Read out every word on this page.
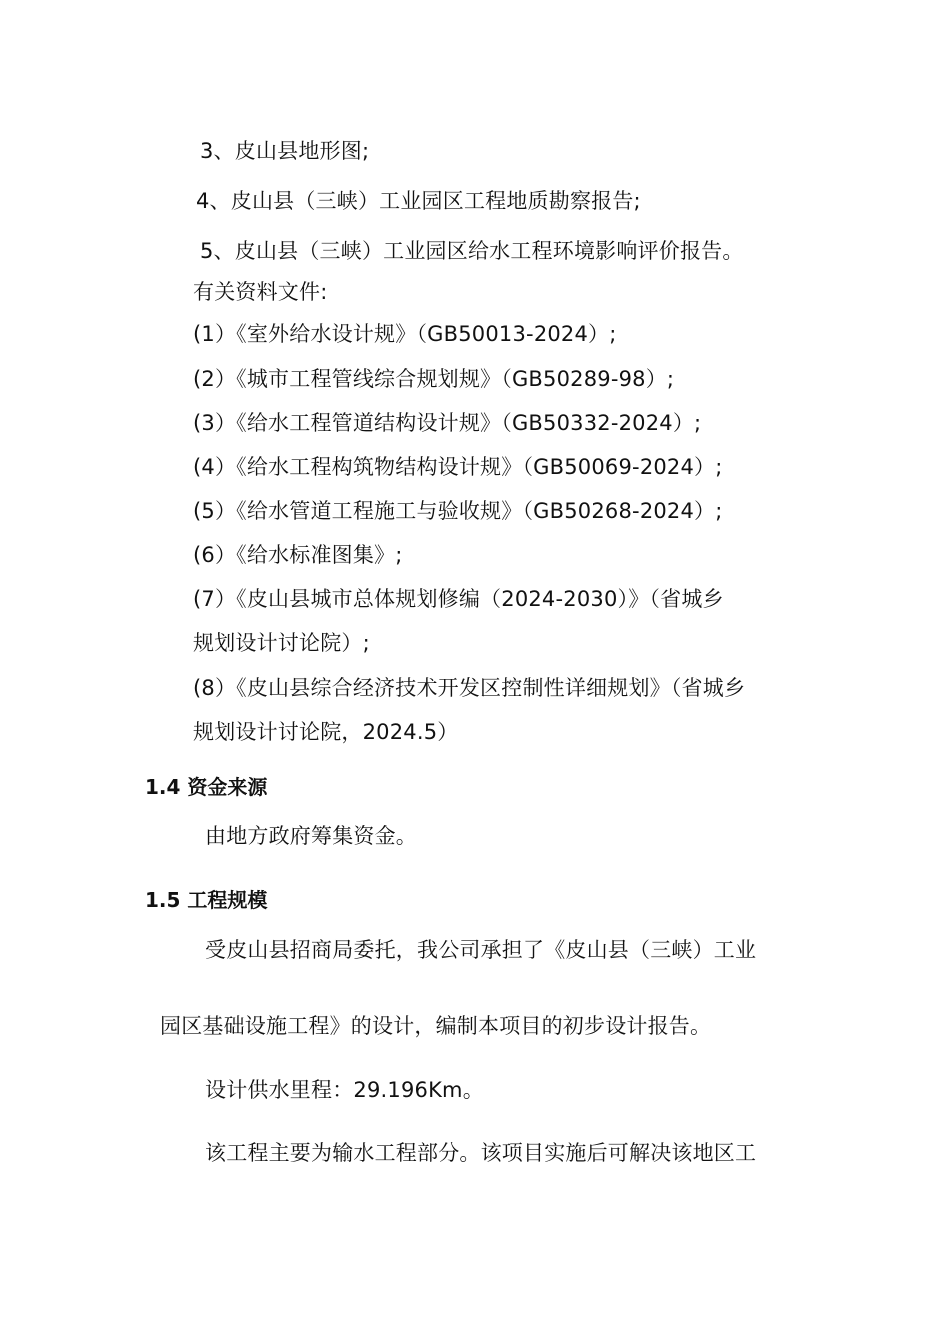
3、皮山县地形图;
4、皮山县（三峡）工业园区工程地质勘察报告;
5、皮山县（三峡）工业园区给水工程环境影响评价报告。
有关资料文件:
(1）《室外给水设计规》（GB50013-2024）;
(2）《城市工程管线综合规划规》（GB50289-98）;
(3）《给水工程管道结构设计规》（GB50332-2024）;
(4）《给水工程构筑物结构设计规》（GB50069-2024）;
(5）《给水管道工程施工与验收规》（GB50268-2024）;
(6）《给水标准图集》;
(7）《皮山县城市总体规划修编（2024-2030）》（省城乡
规划设计讨论院）;
(8）《皮山县综合经济技术开发区控制性详细规划》（省城乡
规划设计讨论院，2024.5）
1.4 资金来源
由地方政府筹集资金。
1.5 工程规模
受皮山县招商局委托，我公司承担了《皮山县（三峡）工业
园区基础设施工程》的设计，编制本项目的初步设计报告。
设计供水里程：29.196Km。
该工程主要为输水工程部分。该项目实施后可解决该地区工
